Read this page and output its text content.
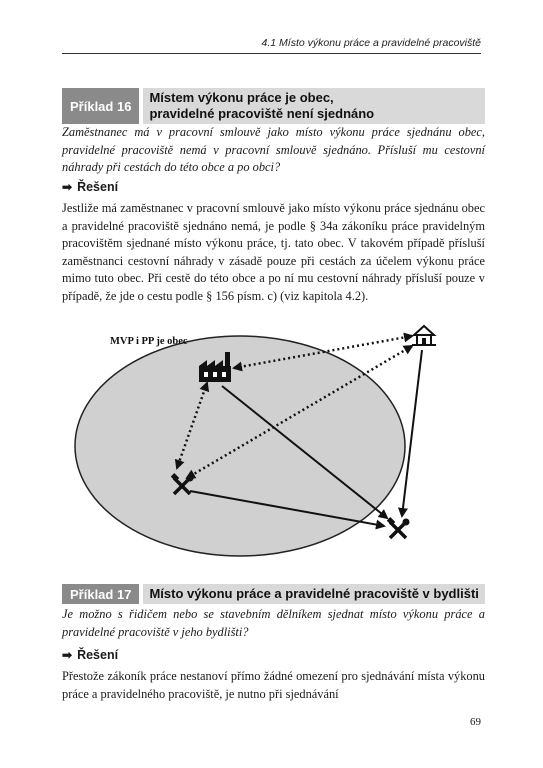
4.1 Místo výkonu práce a pravidelné pracoviště
Příklad 16
Místem výkonu práce je obec,
pravidelné pracoviště není sjednáno
Zaměstnanec má v pracovní smlouvě jako místo výkonu práce sjednánu obec, pravidelné pracoviště nemá v pracovní smlouvě sjednáno. Přísluší mu cestovní náhrady při cestách do této obce a po obci?
➡ Řešení
Jestliže má zaměstnanec v pracovní smlouvě jako místo výkonu práce sjednánu obec a pravidelné pracoviště sjednáno nemá, je podle § 34a zákoníku práce pravidelným pracovištěm sjednané místo výkonu práce, tj. tato obec. V takovém případě přísluší zaměstnanci cestovní náhrady v zásadě pouze při cestách za účelem výkonu práce mimo tuto obec. Při cestě do této obce a po ní mu cestovní náhrady přísluší pouze v případě, že jde o cestu podle § 156 písm. c) (viz kapitola 4.2).
MVP i PP je obec
Příklad 17	Místo výkonu práce a pravidelné pracoviště v bydlišti
Je možno s řidičem nebo se stavebním dělníkem sjednat místo výkonu práce a pravidelné pracoviště v jeho bydlišti?
➡ Řešení
Přestože zákoník práce nestanoví přímo žádné omezení pro sjednávání místa výkonu práce a pravidelného pracoviště, je nutno při sjednávání
69
